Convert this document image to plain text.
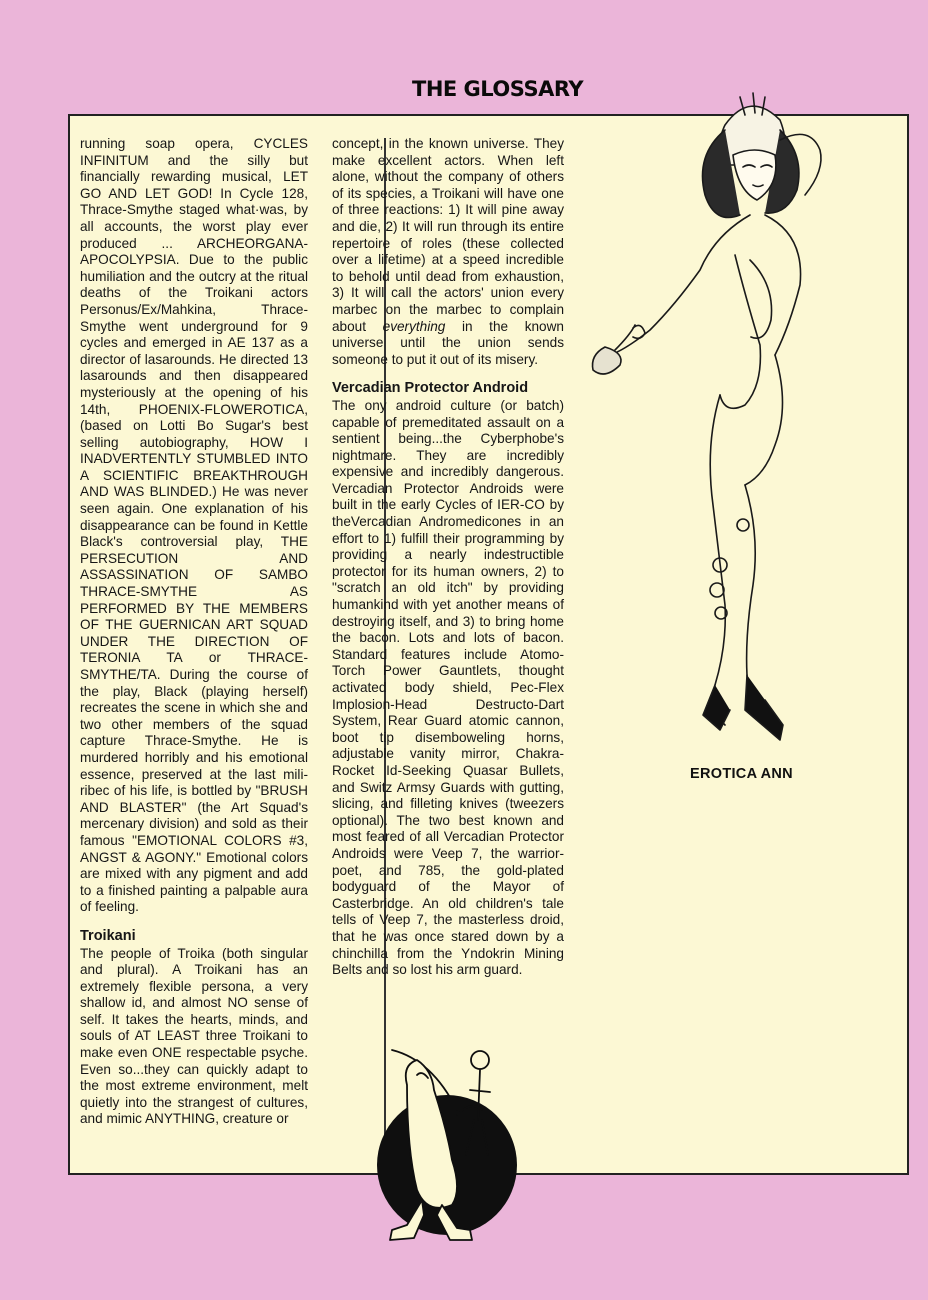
THE GLOSSARY

running soap opera, CYCLES INFINITUM and the silly but financially rewarding musical, LET GO AND LET GOD! In Cycle 128, Thrace-Smythe staged what·was, by all accounts, the worst play ever produced ... ARCHEORGANA-APOCOLYPSIA. Due to the public humiliation and the outcry at the ritual deaths of the Troikani actors Personus/Ex/Mahkina, Thrace-Smythe went underground for 9 cycles and emerged in AE 137 as a director of lasarounds. He directed 13 lasarounds and then disappeared mysteriously at the opening of his 14th, PHOENIX-FLOWEROTICA, (based on Lotti Bo Sugar's best selling autobiography, HOW I INADVERTENTLY STUMBLED INTO A SCIENTIFIC BREAKTHROUGH AND WAS BLINDED.) He was never seen again. One explanation of his disappearance can be found in Kettle Black's controversial play, THE PERSECUTION AND ASSASSINATION OF SAMBO THRACE-SMYTHE AS PERFORMED BY THE MEMBERS OF THE GUERNICAN ART SQUAD UNDER THE DIRECTION OF TERONIA TA or THRACE-SMYTHE/TA. During the course of the play, Black (playing herself) recreates the scene in which she and two other members of the squad capture Thrace-Smythe. He is murdered horribly and his emotional essence, preserved at the last mili-ribec of his life, is bottled by "BRUSH AND BLASTER" (the Art Squad's mercenary division) and sold as their famous "EMOTIONAL COLORS #3, ANGST & AGONY." Emotional colors are mixed with any pigment and add to a finished painting a palpable aura of feeling.

Troikani

The people of Troika (both singular and plural). A Troikani has an extremely flexible persona, a very shallow id, and almost NO sense of self. It takes the hearts, minds, and souls of AT LEAST three Troikani to make even ONE respectable psyche. Even so...they can quickly adapt to the most extreme environment, melt quietly into the strangest of cultures, and mimic ANYTHING, creature or

concept, in the known universe. They make excellent actors. When left alone, without the company of others of its species, a Troikani will have one of three reactions: 1) It will pine away and die, 2) It will run through its entire repertoire of roles (these collected over a lifetime) at a speed incredible to behold until dead from exhaustion, 3) It will call the actors' union every marbec on the marbec to complain about everything in the known universe until the union sends someone to put it out of its misery.

Vercadian Protector Android

The ony android culture (or batch) capable of premeditated assault on a sentient being...the Cyberphobe's nightmare. They are incredibly expensive and incredibly dangerous. Vercadian Protector Androids were built in the early Cycles of IER-CO by theVercadian Andromedicones in an effort to 1) fulfill their programming by providing a nearly indestructible protector for its human owners, 2) to "scratch an old itch" by providing humankind with yet another means of destroying itself, and 3) to bring home the bacon. Lots and lots of bacon. Standard features include Atomo-Torch Power Gauntlets, thought activated body shield, Pec-Flex Implosion-Head Destructo-Dart System, Rear Guard atomic cannon, boot tip disemboweling horns, adjustable vanity mirror, Chakra-Rocket Id-Seeking Quasar Bullets, and Switz Armsy Guards with gutting, slicing, and filleting knives (tweezers optional). The two best known and most feared of all Vercadian Protector Androids were Veep 7, the warrior-poet, and 785, the gold-plated bodyguard of the Mayor of Casterbridge. An old children's tale tells of Veep 7, the masterless droid, that he was once stared down by a chinchilla from the Yndokrin Mining Belts and so lost his arm guard.

EROTICA ANN
